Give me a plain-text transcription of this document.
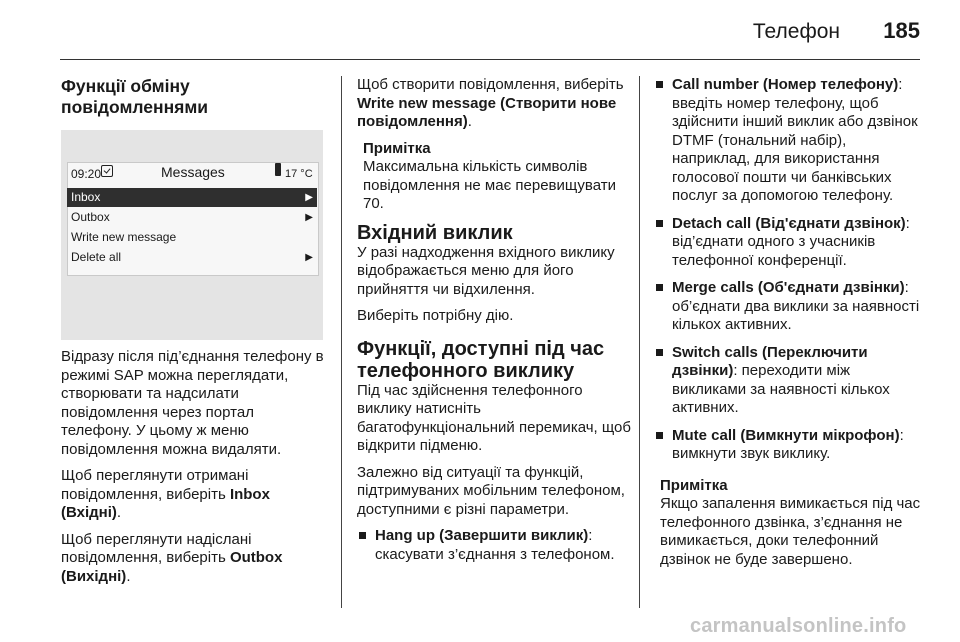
Телефон 185
Функції обміну повідомленнями
09:20	Messages	17 °C
Inbox	▶
Outbox	▶
Write new message
Delete all	▶

Відразу після під’єднання телефону в режимі SAP можна переглядати, створювати та надсилати повідомлення через портал телефону. У цьому ж меню повідомлення можна видаляти.

Щоб переглянути отримані повідомлення, виберіть Inbox (Вхідні).

Щоб переглянути надіслані повідомлення, виберіть Outbox (Вихідні).

Щоб створити повідомлення, виберіть Write new message (Створити нове повідомлення).

Примітка

Максимальна кількість символів повідомлення не має перевищувати 70.

Вхідний виклик

У разі надходження вхідного виклику відображається меню для його прийняття чи відхилення.

Виберіть потрібну дію.

Функції, доступні під час телефонного виклику

Під час здійснення телефонного виклику натисніть багатофункціональний перемикач, щоб відкрити підменю.

Залежно від ситуації та функцій, підтримуваних мобільним телефоном, доступними є різні параметри.

Hang up (Завершити виклик): скасувати з’єднання з телефоном.
Call number (Номер телефону): введіть номер телефону, щоб здійснити інший виклик або дзвінок DTMF (тональний набір), наприклад, для використання голосової пошти чи банківських послуг за допомогою телефону.
Detach call (Від'єднати дзвінок): від’єднати одного з учасників телефонної конференції.
Merge calls (Об'єднати дзвінки): об’єднати два виклики за наявності кількох активних.
Switch calls (Переключити дзвінки): переходити між викликами за наявності кількох активних.
Mute call (Вимкнути мікрофон): вимкнути звук виклику.

Примітка

Якщо запалення вимикається під час телефонного дзвінка, з’єднання не вимикається, доки телефонний дзвінок не буде завершено.

carmanualsonline.info
